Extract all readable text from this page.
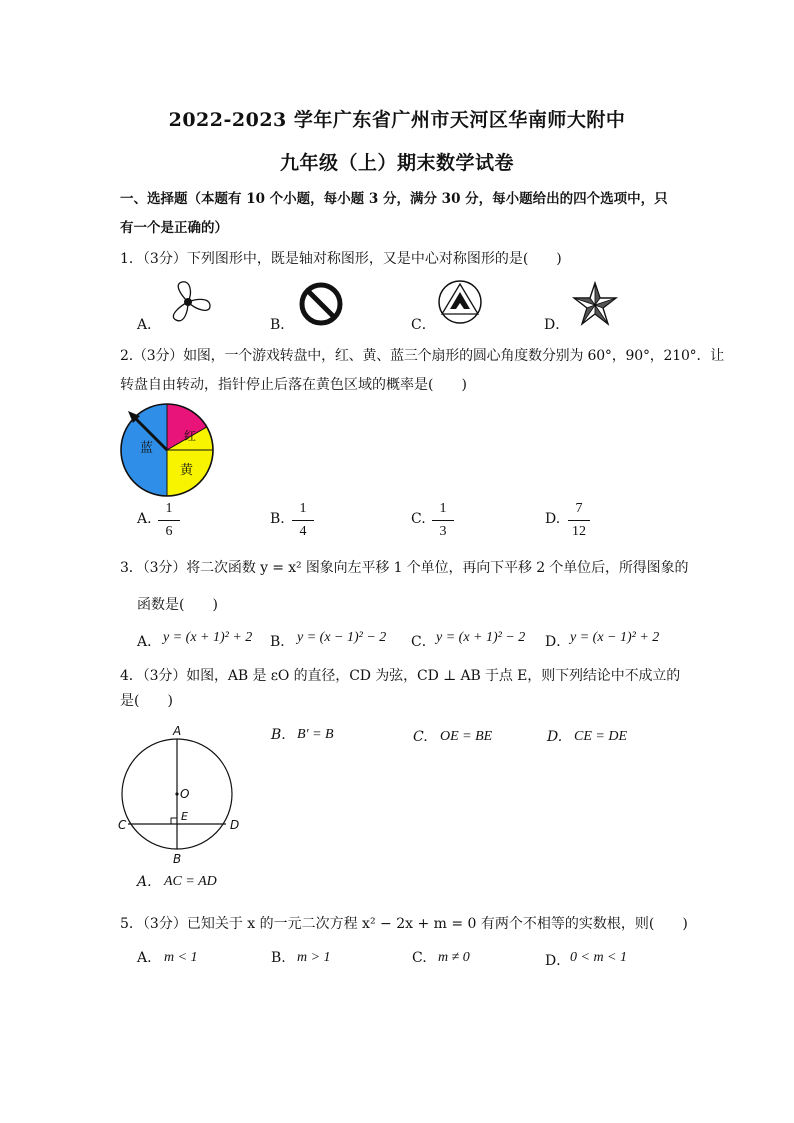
2022-2023 学年广东省广州市天河区华南师大附中
九年级（上）期末数学试卷
一、选择题（本题有 10 个小题，每小题 3 分，满分 30 分，每小题给出的四个选项中，只
有一个是正确的）
1．（3分）下列图形中，既是轴对称图形，又是中心对称图形的是(　　)
A．	B．	C．	D．
2.（3分）如图，一个游戏转盘中，红、黄、蓝三个扇形的圆心角度数分别为 60°，90°，210°．让
转盘自由转动，指针停止后落在黄色区域的概率是(　　)
蓝
红
黄
A.
1
6
B.
1
4
C.
1
3
D.
7
12
3．（3分）将二次函数 y = x² 图象向左平移 1 个单位，再向下平移 2 个单位后，所得图象的
函数是(　　)
A． y = (x + 1)² + 2 B． y = (x − 1)² − 2 C． y = (x + 1)² − 2 D． y = (x − 1)² + 2
4．（3分）如图，AB 是 εO 的直径，CD 为弦，CD ⊥ AB 于点 E，则下列结论中不成立的
是(　　)
A
B
C	D
E
O
B. B′ = B	C. OE = BE	D. CE = DE
A. AC = AD
5．（3分）已知关于 x 的一元二次方程 x² − 2x + m = 0 有两个不相等的实数根，则(　　)
A. m < 1	B. m > 1	C. m ≠ 0	D． 0 < m < 1
